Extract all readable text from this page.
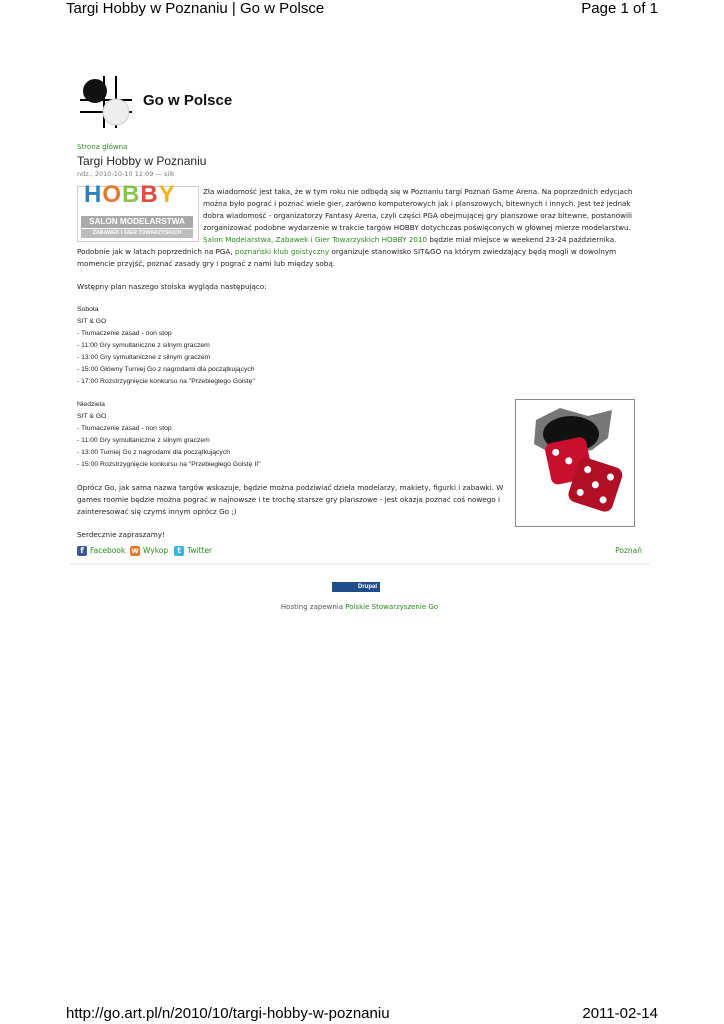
Targi Hobby w Poznaniu | Go w Polsce	Page 1 of 1
Go w Polsce
Strona główna
Targi Hobby w Poznaniu
ndz., 2010-10-10 12:09 — silk
HOBBY
SALON MODELARSTWA
ZABAWEK I GIER TOWARZYSKICH

Zła wiadomość jest taka, że w tym roku nie odbędą się w Poznaniu targi Poznań Game Arena. Na poprzednich edycjach można było pograć i poznać wiele gier, zarówno komputerowych jak i planszowych, bitewnych i innych. Jest też jednak dobra wiadomość - organizatorzy Fantasy Arena, czyli części PGA obejmującej gry planszowe oraz bitewne, postanowili zorganizować podobne wydarzenie w trakcie targów HOBBY dotychczas poświęconych w głównej mierze modelarstwu.

Salon Modelarstwa, Zabawek i Gier Towarzyskich HOBBY 2010 będzie miał miejsce w weekend 23-24 października. Podobnie jak w latach poprzednich na PGA, poznański klub goistyczny organizuje stanowisko SIT&GO na którym zwiedzający będą mogli w dowolnym momencie przyjść, poznać zasady gry i pograć z nami lub między sobą.

Wstępny plan naszego stoiska wygląda następująco:

Sobota
SIT & GO
- Tłumaczenie zasad - non stop
- 11:00 Gry symultaniczne z silnym graczem
- 13:00 Gry symultaniczne z silnym graczem
- 15:00 Główny Turniej Go z nagrodami dla początkujących
- 17:00 Rozstrzygnięcie konkursu na "Przebiegłego Goistę"
Niedziela
SIT & GO
- Tłumaczenie zasad - non stop
- 11:00 Gry symultaniczne z silnym graczem
- 13:00 Turniej Go z nagrodami dla początkujących
- 15:00 Rozstrzygnięcie konkursu na "Przebiegłego Goistę II"

Oprócz Go, jak sama nazwa targów wskazuje, będzie można podziwiać dzieła modelarzy, makiety, figurki i zabawki. W games roomie będzie można pograć w najnowsze i te trochę starsze gry planszowe - jest okazja poznać coś nowego i zainteresować się czymś innym oprócz Go ;)

Serdecznie zapraszamy!

f Facebook w Wykop	t Twitter	Poznań
Drupal
Hosting zapewnia Polskie Stowarzyszenie Go
http://go.art.pl/n/2010/10/targi-hobby-w-poznaniu	2011-02-14
